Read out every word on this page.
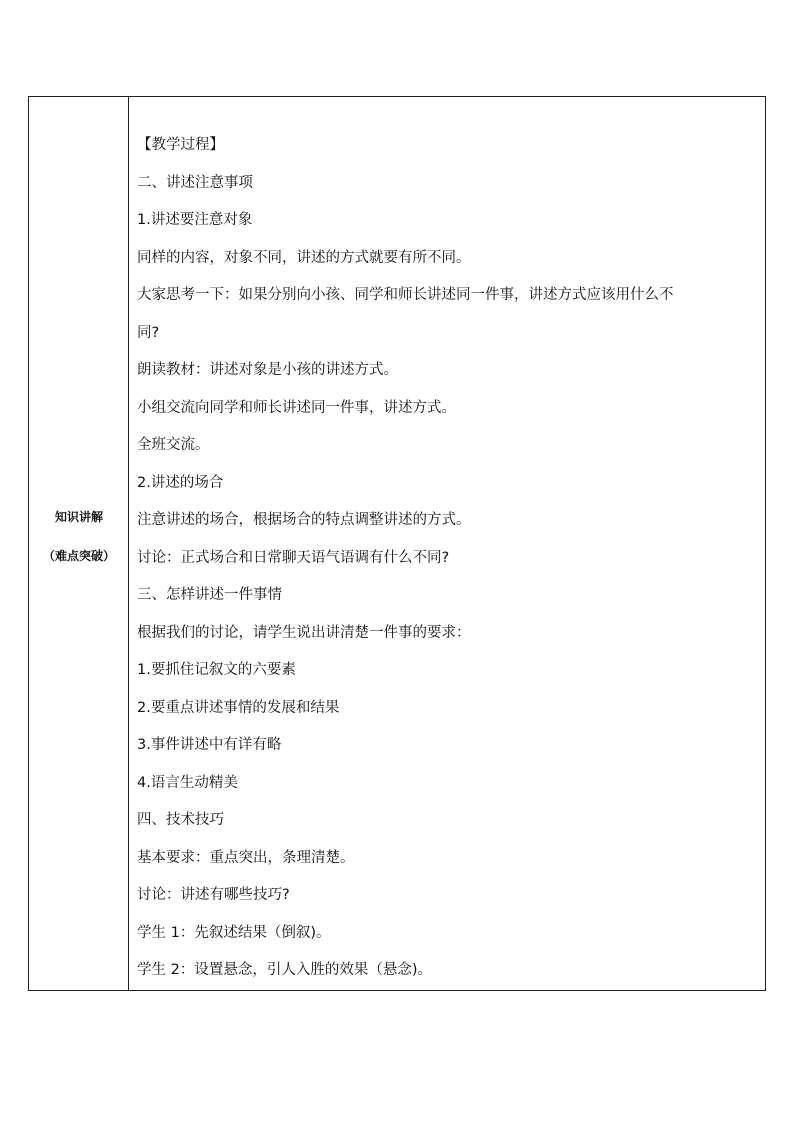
知识讲解
（难点突破）
【教学过程】
二、讲述注意事项
1.讲述要注意对象
同样的内容，对象不同，讲述的方式就要有所不同。
大家思考一下：如果分别向小孩、同学和师长讲述同一件事，讲述方式应该用什么不
同?
朗读教材：讲述对象是小孩的讲述方式。
小组交流向同学和师长讲述同一件事，讲述方式。
全班交流。
2.讲述的场合
注意讲述的场合，根据场合的特点调整讲述的方式。
讨论：正式场合和日常聊天语气语调有什么不同?
三、怎样讲述一件事情
根据我们的讨论，请学生说出讲清楚一件事的要求：
1.要抓住记叙文的六要素
2.要重点讲述事情的发展和结果
3.事件讲述中有详有略
4.语言生动精美
四、技术技巧
基本要求：重点突出，条理清楚。
讨论：讲述有哪些技巧?
学生 1：先叙述结果（倒叙)。
学生 2：设置悬念，引人入胜的效果（悬念)。
